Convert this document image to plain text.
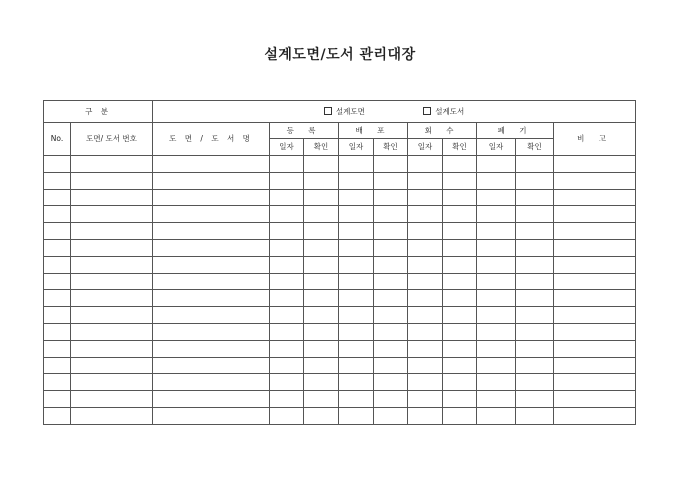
설계도면/도서 관리대장
구 분		설계도면 설계도서									
No.	도면/ 도서 번호	도 면 / 도 서 명	등 록		배 포		회 수		폐 기		비 고
			일자	확인	일자	확인	일자	확인	일자	확인	
